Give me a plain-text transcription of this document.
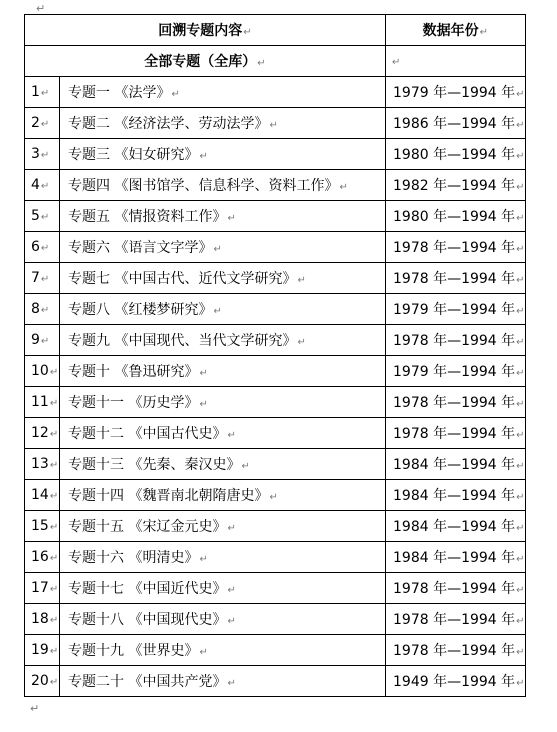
↵
回溯专题内容↵		数据年份↵
全部专题（全库）↵		↵
1↵	专题一 《法学》↵	1979 年—1994 年↵
2↵	专题二 《经济法学、劳动法学》↵	1986 年—1994 年↵
3↵	专题三 《妇女研究》↵	1980 年—1994 年↵
4↵	专题四 《图书馆学、信息科学、资料工作》↵	1982 年—1994 年↵
5↵	专题五 《情报资料工作》↵	1980 年—1994 年↵
6↵	专题六 《语言文字学》↵	1978 年—1994 年↵
7↵	专题七 《中国古代、近代文学研究》↵	1978 年—1994 年↵
8↵	专题八 《红楼梦研究》↵	1979 年—1994 年↵
9↵	专题九 《中国现代、当代文学研究》↵	1978 年—1994 年↵
10↵	专题十 《鲁迅研究》↵	1979 年—1994 年↵
11↵	专题十一 《历史学》↵	1978 年—1994 年↵
12↵	专题十二 《中国古代史》↵	1978 年—1994 年↵
13↵	专题十三 《先秦、秦汉史》↵	1984 年—1994 年↵
14↵	专题十四 《魏晋南北朝隋唐史》↵	1984 年—1994 年↵
15↵	专题十五 《宋辽金元史》↵	1984 年—1994 年↵
16↵	专题十六 《明清史》↵	1984 年—1994 年↵
17↵	专题十七 《中国近代史》↵	1978 年—1994 年↵
18↵	专题十八 《中国现代史》↵	1978 年—1994 年↵
19↵	专题十九 《世界史》↵	1978 年—1994 年↵
20↵	专题二十 《中国共产党》↵	1949 年—1994 年↵
↵
